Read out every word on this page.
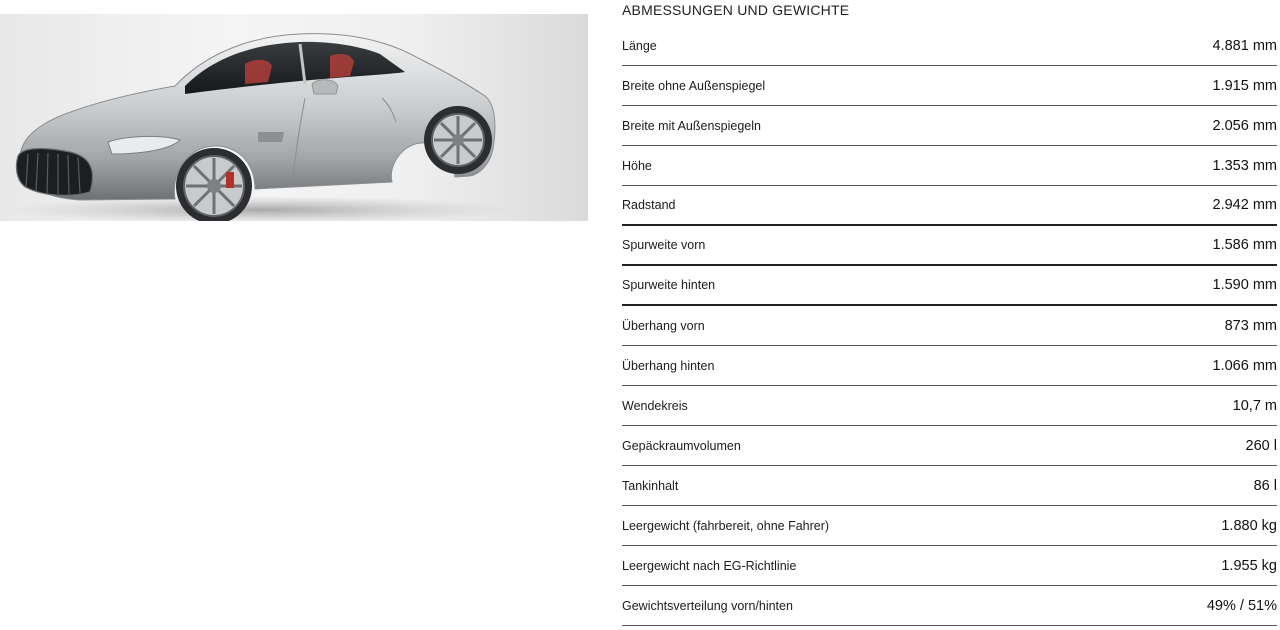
ABMESSUNGEN UND GEWICHTE
Länge	4.881 mm
Breite ohne Außenspiegel	1.915 mm
Breite mit Außenspiegeln	2.056 mm
Höhe	1.353 mm
Radstand	2.942 mm
Spurweite vorn	1.586 mm
Spurweite hinten	1.590 mm
Überhang vorn	873 mm
Überhang hinten	1.066 mm
Wendekreis	10,7 m
Gepäckraumvolumen	260 l
Tankinhalt	86 l
Leergewicht (fahrbereit, ohne Fahrer)	1.880 kg
Leergewicht nach EG-Richtlinie	1.955 kg
Gewichtsverteilung vorn/hinten	49% / 51%
